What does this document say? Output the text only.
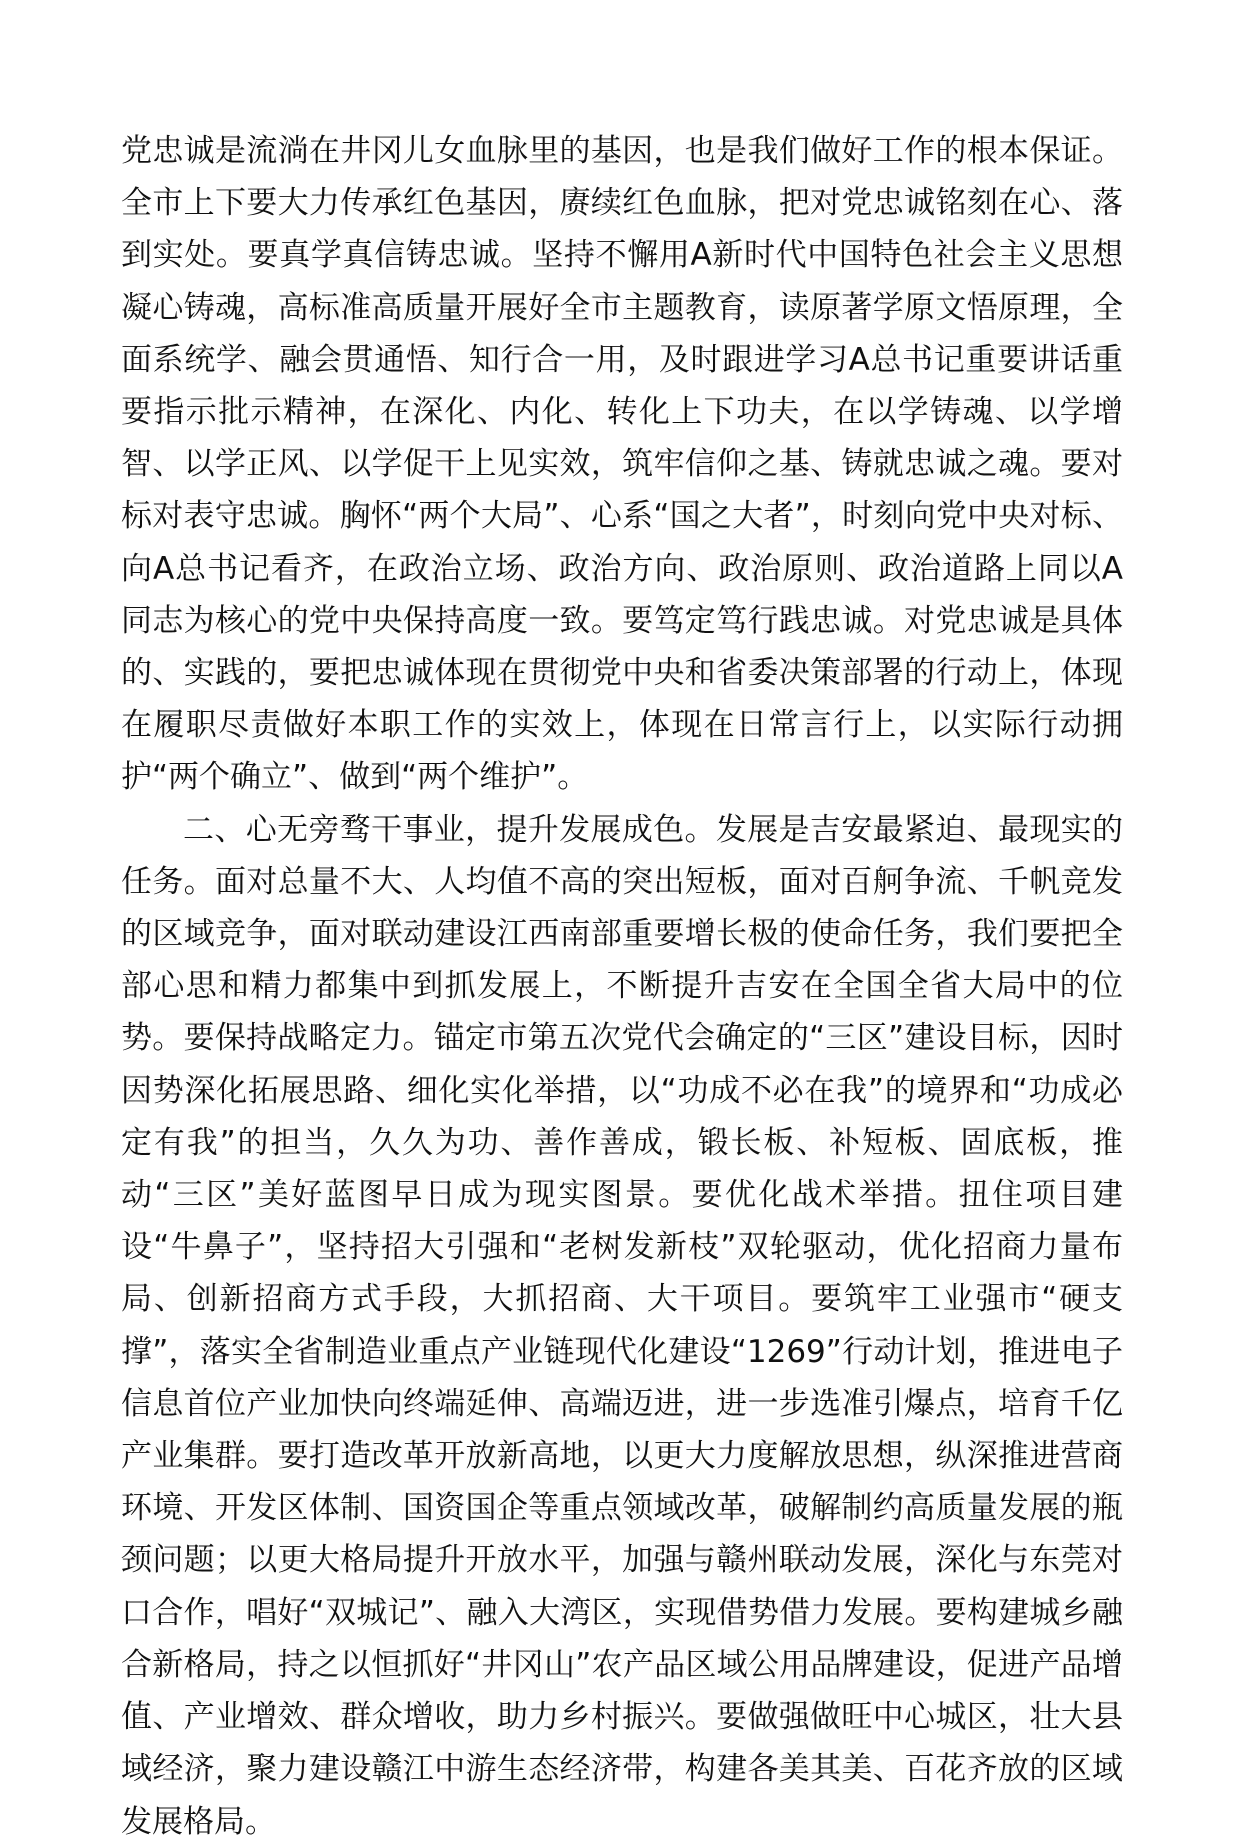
党忠诚是流淌在井冈儿女血脉里的基因，也是我们做好工作的根本保证。全市上下要大力传承红色基因，赓续红色血脉，把对党忠诚铭刻在心、落到实处。要真学真信铸忠诚。坚持不懈用A新时代中国特色社会主义思想凝心铸魂，高标准高质量开展好全市主题教育，读原著学原文悟原理，全面系统学、融会贯通悟、知行合一用，及时跟进学习A总书记重要讲话重要指示批示精神，在深化、内化、转化上下功夫，在以学铸魂、以学增智、以学正风、以学促干上见实效，筑牢信仰之基、铸就忠诚之魂。要对标对表守忠诚。胸怀“两个大局”、心系“国之大者”，时刻向党中央对标、向A总书记看齐，在政治立场、政治方向、政治原则、政治道路上同以A同志为核心的党中央保持高度一致。要笃定笃行践忠诚。对党忠诚是具体的、实践的，要把忠诚体现在贯彻党中央和省委决策部署的行动上，体现在履职尽责做好本职工作的实效上，体现在日常言行上，以实际行动拥护“两个确立”、做到“两个维护”。

二、心无旁骛干事业，提升发展成色。发展是吉安最紧迫、最现实的任务。面对总量不大、人均值不高的突出短板，面对百舸争流、千帆竞发的区域竞争，面对联动建设江西南部重要增长极的使命任务，我们要把全部心思和精力都集中到抓发展上，不断提升吉安在全国全省大局中的位势。要保持战略定力。锚定市第五次党代会确定的“三区”建设目标，因时因势深化拓展思路、细化实化举措，以“功成不必在我”的境界和“功成必定有我”的担当，久久为功、善作善成，锻长板、补短板、固底板，推动“三区”美好蓝图早日成为现实图景。要优化战术举措。扭住项目建设“牛鼻子”，坚持招大引强和“老树发新枝”双轮驱动，优化招商力量布局、创新招商方式手段，大抓招商、大干项目。要筑牢工业强市“硬支撑”，落实全省制造业重点产业链现代化建设“1269”行动计划，推进电子信息首位产业加快向终端延伸、高端迈进，进一步选准引爆点，培育千亿产业集群。要打造改革开放新高地，以更大力度解放思想，纵深推进营商环境、开发区体制、国资国企等重点领域改革，破解制约高质量发展的瓶颈问题；以更大格局提升开放水平，加强与赣州联动发展，深化与东莞对口合作，唱好“双城记”、融入大湾区，实现借势借力发展。要构建城乡融合新格局，持之以恒抓好“井冈山”农产品区域公用品牌建设，促进产品增值、产业增效、群众增收，助力乡村振兴。要做强做旺中心城区，壮大县域经济，聚力建设赣江中游生态经济带，构建各美其美、百花齐放的区域发展格局。
